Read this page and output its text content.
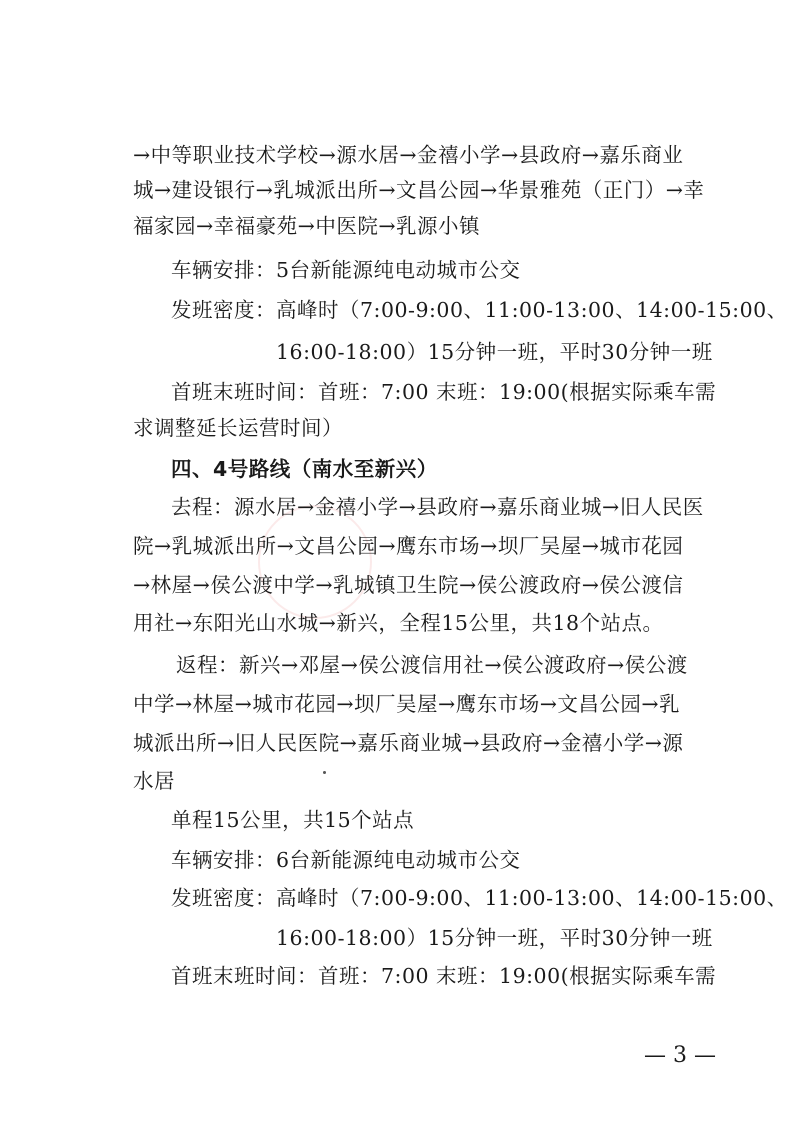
→中等职业技术学校→源水居→金禧小学→县政府→嘉乐商业
城→建设银行→乳城派出所→文昌公园→华景雅苑（正门）→幸
福家园→幸福豪苑→中医院→乳源小镇
车辆安排：5台新能源纯电动城市公交
发班密度：高峰时（7:00-9:00、11:00-13:00、14:00-15:00、
16:00-18:00）15分钟一班，平时30分钟一班
首班末班时间：首班：7:00 末班：19:00(根据实际乘车需
求调整延长运营时间）
四、4号路线（南水至新兴）
去程：源水居→金禧小学→县政府→嘉乐商业城→旧人民医
院→乳城派出所→文昌公园→鹰东市场→坝厂吴屋→城市花园
→林屋→侯公渡中学→乳城镇卫生院→侯公渡政府→侯公渡信
用社→东阳光山水城→新兴，全程15公里，共18个站点。
返程：新兴→邓屋→侯公渡信用社→侯公渡政府→侯公渡
中学→林屋→城市花园→坝厂吴屋→鹰东市场→文昌公园→乳
城派出所→旧人民医院→嘉乐商业城→县政府→金禧小学→源
水居
单程15公里，共15个站点
车辆安排：6台新能源纯电动城市公交
发班密度：高峰时（7:00-9:00、11:00-13:00、14:00-15:00、
16:00-18:00）15分钟一班，平时30分钟一班
首班末班时间：首班：7:00 末班：19:00(根据实际乘车需
— 3 —
